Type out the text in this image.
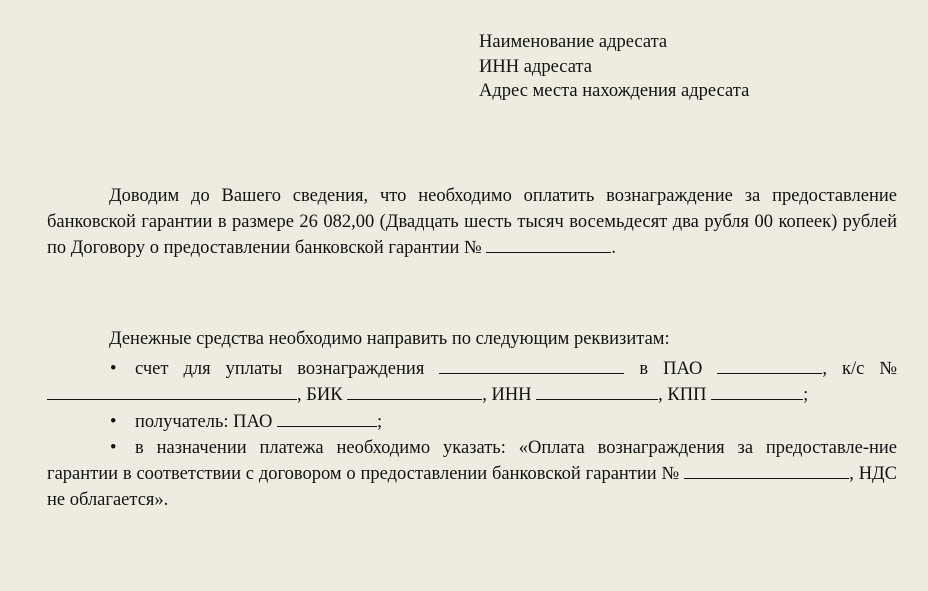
Наименование адресата
ИНН адресата
Адрес места нахождения адресата
Доводим до Вашего сведения, что необходимо оплатить вознаграждение за предоставление банковской гарантии в размере 26 082,00 (Двадцать шесть тысяч восемьдесят два рубля 00 копеек) рублей по Договору о предоставлении банковской гарантии №	.
Денежные средства необходимо направить по следующим реквизитам:
• счет для уплаты вознаграждения	в ПАО	, к/с № , БИК	, ИНН	, КПП	;
• получатель: ПАО	;
• в назначении платежа необходимо указать: «Оплата вознаграждения за предоставле-ние гарантии в соответствии с договором о предоставлении банковской гарантии №	, НДС не облагается».
